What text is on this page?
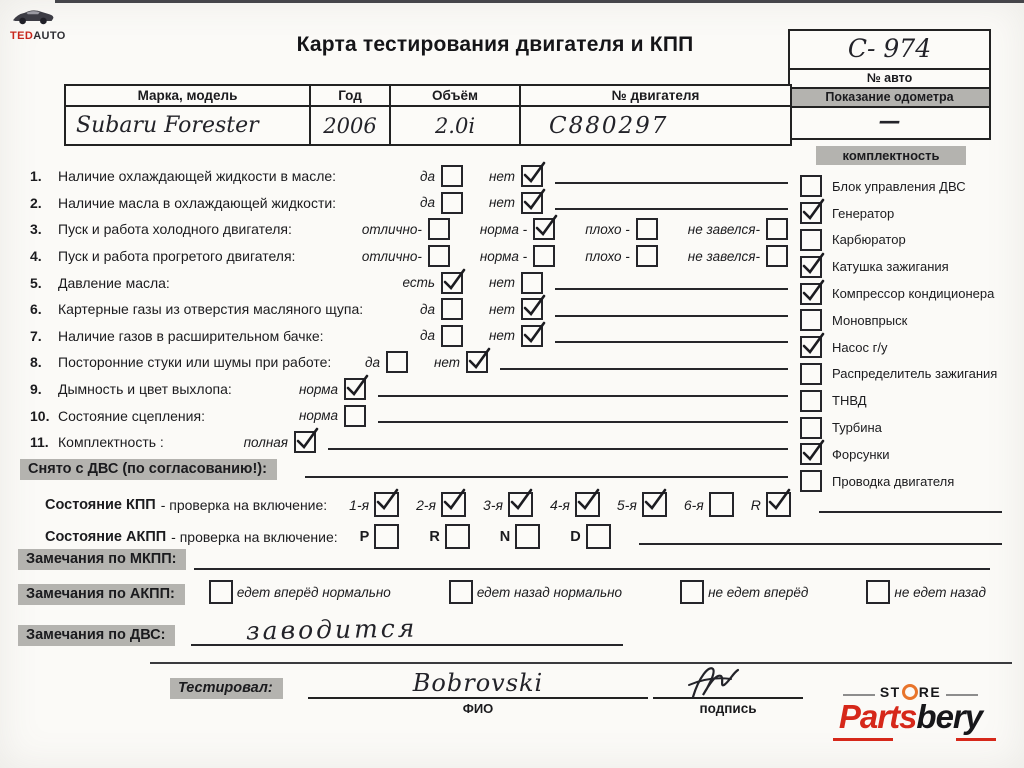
TEDAUTO	Карта тестирования двигателя и КПП	С- 974
№ авто
Показание одометра
—
Марка, модель	Год	Объём	№ двигателя
Subaru Forester	2006	2.0i	C880297
комплектность
Блок управления ДВС
Генератор
Карбюратор
Катушка зажигания
Компрессор кондиционера
Моновпрыск
Насос г/у
Распределитель зажигания
ТНВД
Турбина
Форсунки
Проводка двигателя
1.	Наличие охлаждающей жидкости в масле:	да	нет
2.	Наличие масла в охлаждающей жидкости:	да	нет
3.	Пуск и работа холодного двигателя:	отлично-	норма -	плохо -	не завелся-
4.	Пуск и работа прогретого двигателя:	отлично-	норма -	плохо -	не завелся-
5.	Давление масла:	есть	нет
6.	Картерные газы из отверстия масляного щупа:	да	нет
7.	Наличие газов в расширительном бачке:	да	нет
8.	Посторонние стуки или шумы при работе: да	нет
9.	Дымность и цвет выхлопа:	норма
10. Состояние сцепления:	норма
11. Комплектность :	полная
Снято с ДВС (по согласованию!):
Состояние КПП - проверка на включение: 1-я	2-я	3-я	4-я	5-я	6-я	R
Состояние АКПП - проверка на включение: P	R	N	D
Замечания по МКПП:
Замечания по АКПП:	едет вперёд нормально	едет назад нормально	не едет вперёд	не едет назад
Замечания по ДВС:	заводится
Тестировал:	Bobrovski
ФИО	подпись
ST RE
Partsbery
